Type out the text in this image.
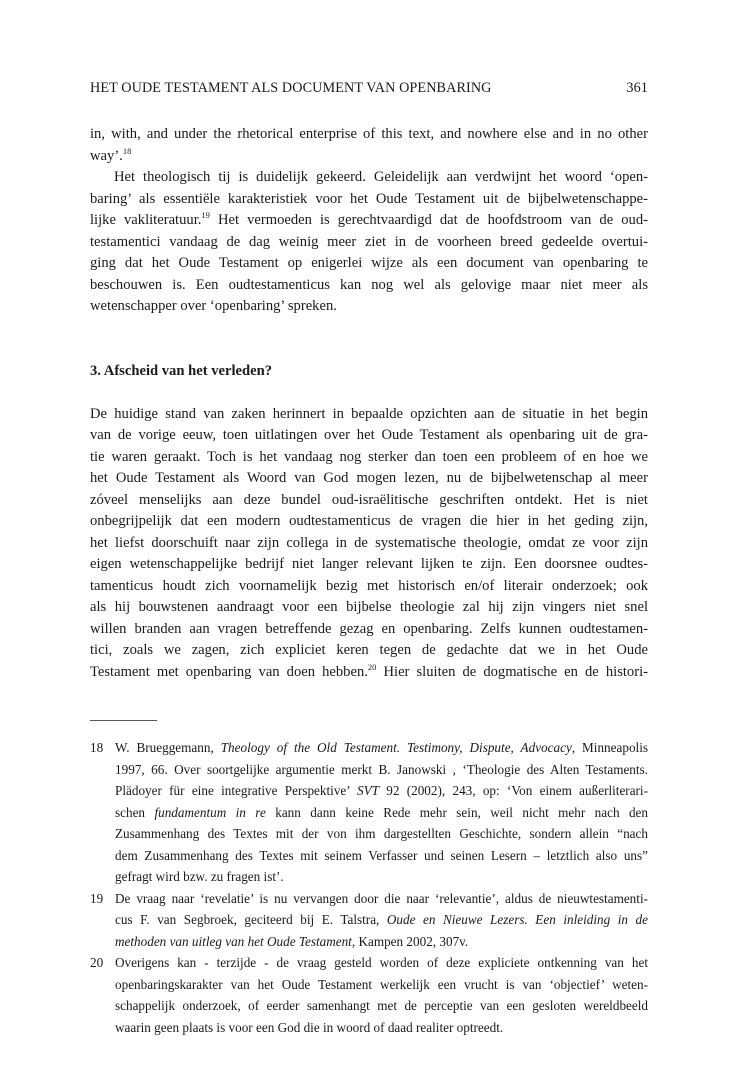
HET OUDE TESTAMENT ALS DOCUMENT VAN OPENBARING	361
in, with, and under the rhetorical enterprise of this text, and nowhere else and in no other
way’.$^{18}$
Het theologisch tij is duidelijk gekeerd. Geleidelijk aan verdwijnt het woord ‘open-
baring’ als essentiële karakteristiek voor het Oude Testament uit de bijbelwetenschappe-
lijke vakliteratuur.$^{19}$ Het vermoeden is gerechtvaardigd dat de hoofdstroom van de oud-
testamentici vandaag de dag weinig meer ziet in de voorheen breed gedeelde overtui-
ging dat het Oude Testament op enigerlei wijze als een document van openbaring te
beschouwen is. Een oudtestamenticus kan nog wel als gelovige maar niet meer als
wetenschapper over ‘openbaring’ spreken.
3. Afscheid van het verleden?
De huidige stand van zaken herinnert in bepaalde opzichten aan de situatie in het begin
van de vorige eeuw, toen uitlatingen over het Oude Testament als openbaring uit de gra-
tie waren geraakt. Toch is het vandaag nog sterker dan toen een probleem of en hoe we
het Oude Testament als Woord van God mogen lezen, nu de bijbelwetenschap al meer
zóveel menselijks aan deze bundel oud-israëlitische geschriften ontdekt. Het is niet
onbegrijpelijk dat een modern oudtestamenticus de vragen die hier in het geding zijn,
het liefst doorschuift naar zijn collega in de systematische theologie, omdat ze voor zijn
eigen wetenschappelijke bedrijf niet langer relevant lijken te zijn. Een doorsneе oudtes-
tamenticus houdt zich voornamelijk bezig met historisch en/of literair onderzoek; ook
als hij bouwstenen aandraagt voor een bijbelse theologie zal hij zijn vingers niet snel
willen branden aan vragen betreffende gezag en openbaring. Zelfs kunnen oudtestamen-
tici, zoals we zagen, zich expliciet keren tegen de gedachte dat we in het Oude
Testament met openbaring van doen hebben.$^{20}$ Hier sluiten de dogmatische en de histori-
18 W. Brueggemann, Theology of the Old Testament. Testimony, Dispute, Advocacy, Minneapolis
1997, 66. Over soortgelijke argumentie merkt B. Janowski , ‘Theologie des Alten Testaments.
Plädoyer für eine integrative Perspektive’ SVT 92 (2002), 243, op: ‘Von einem außerliterari-
schen fundamentum in re kann dann keine Rede mehr sein, weil nicht mehr nach den
Zusammenhang des Textes mit der von ihm dargestellten Geschichte, sondern allein “nach
dem Zusammenhang des Textes mit seinem Verfasser und seinen Lesern – letztlich also uns”
gefragt wird bzw. zu fragen ist’.
19 De vraag naar ‘revelatie’ is nu vervangen door die naar ‘relevantie’, aldus de nieuwtestamenti-
cus F. van Segbroek, geciteerd bij E. Talstra, Oude en Nieuwe Lezers. Een inleiding in de
methoden van uitleg van het Oude Testament, Kampen 2002, 307v.
20 Overigens kan - terzijde - de vraag gesteld worden of deze expliciete ontkenning van het
openbaringskarakter van het Oude Testament werkelijk een vrucht is van ‘objectief’ weten-
schappelijk onderzoek, of eerder samenhangt met de perceptie van een gesloten wereldbeeld
waarin geen plaats is voor een God die in woord of daad realiter optreedt.
